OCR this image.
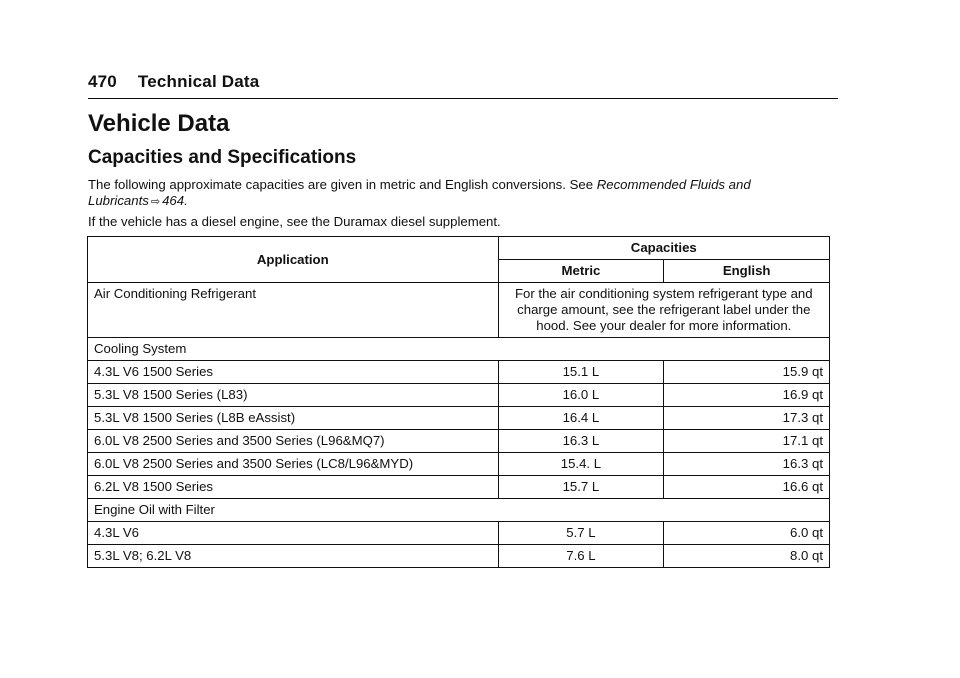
470 Technical Data
Vehicle Data
Capacities and Specifications

The following approximate capacities are given in metric and English conversions. See Recommended Fluids and Lubricants ⇨ 464.

If the vehicle has a diesel engine, see the Duramax diesel supplement.

Application	Capacities	
	Metric	English
Air Conditioning Refrigerant	For the air conditioning system refrigerant type and charge amount, see the refrigerant label under the hood. See your dealer for more information.	
Cooling System		
4.3L V6 1500 Series	15.1 L	15.9 qt
5.3L V8 1500 Series (L83)	16.0 L	16.9 qt
5.3L V8 1500 Series (L8B eAssist)	16.4 L	17.3 qt
6.0L V8 2500 Series and 3500 Series (L96&MQ7)	16.3 L	17.1 qt
6.0L V8 2500 Series and 3500 Series (LC8/L96&MYD)	15.4. L	16.3 qt
6.2L V8 1500 Series	15.7 L	16.6 qt
Engine Oil with Filter		
4.3L V6	5.7 L	6.0 qt
5.3L V8; 6.2L V8	7.6 L	8.0 qt
